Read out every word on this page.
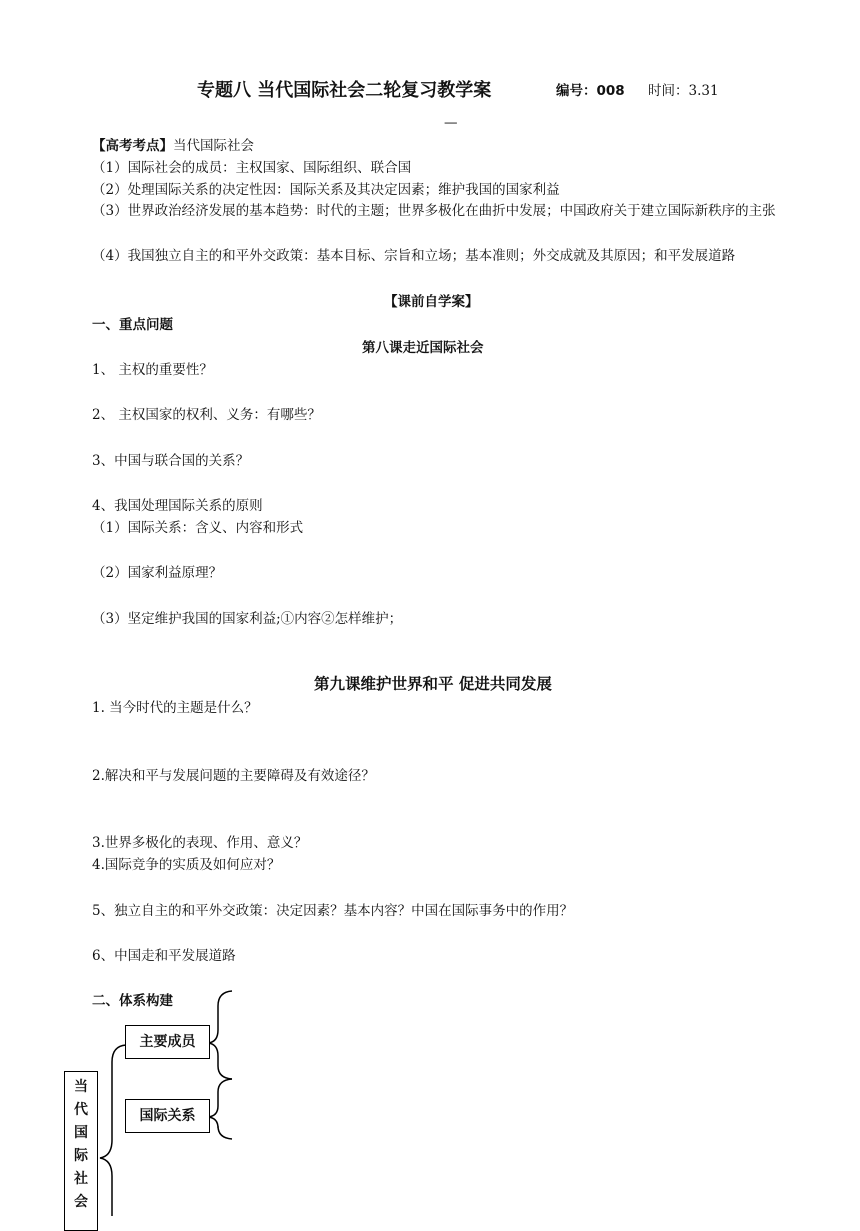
专题八 当代国际社会二轮复习教学案	编号：008 时间：3.31
—
【高考考点】当代国际社会
（1）国际社会的成员：主权国家、国际组织、联合国
（2）处理国际关系的决定性因：国际关系及其决定因素；维护我国的国家利益
（3）世界政治经济发展的基本趋势：时代的主题；世界多极化在曲折中发展；中国政府关于建立国际新秩序的主张
（4）我国独立自主的和平外交政策：基本目标、宗旨和立场；基本准则；外交成就及其原因；和平发展道路
【课前自学案】
一、重点问题
第八课走近国际社会
1、 主权的重要性？
2、 主权国家的权利、义务：有哪些？
3、中国与联合国的关系？
4、我国处理国际关系的原则
（1）国际关系：含义、内容和形式
（2）国家利益原理？
（3）坚定维护我国的国家利益;①内容②怎样维护；
第九课维护世界和平 促进共同发展
1. 当今时代的主题是什么？
2.解决和平与发展问题的主要障碍及有效途径？
3.世界多极化的表现、作用、意义？
4.国际竞争的实质及如何应对？
5、独立自主的和平外交政策：决定因素？基本内容？中国在国际事务中的作用？
6、中国走和平发展道路
二、体系构建
主要成员
国际关系
当
代
国
际
社
会
